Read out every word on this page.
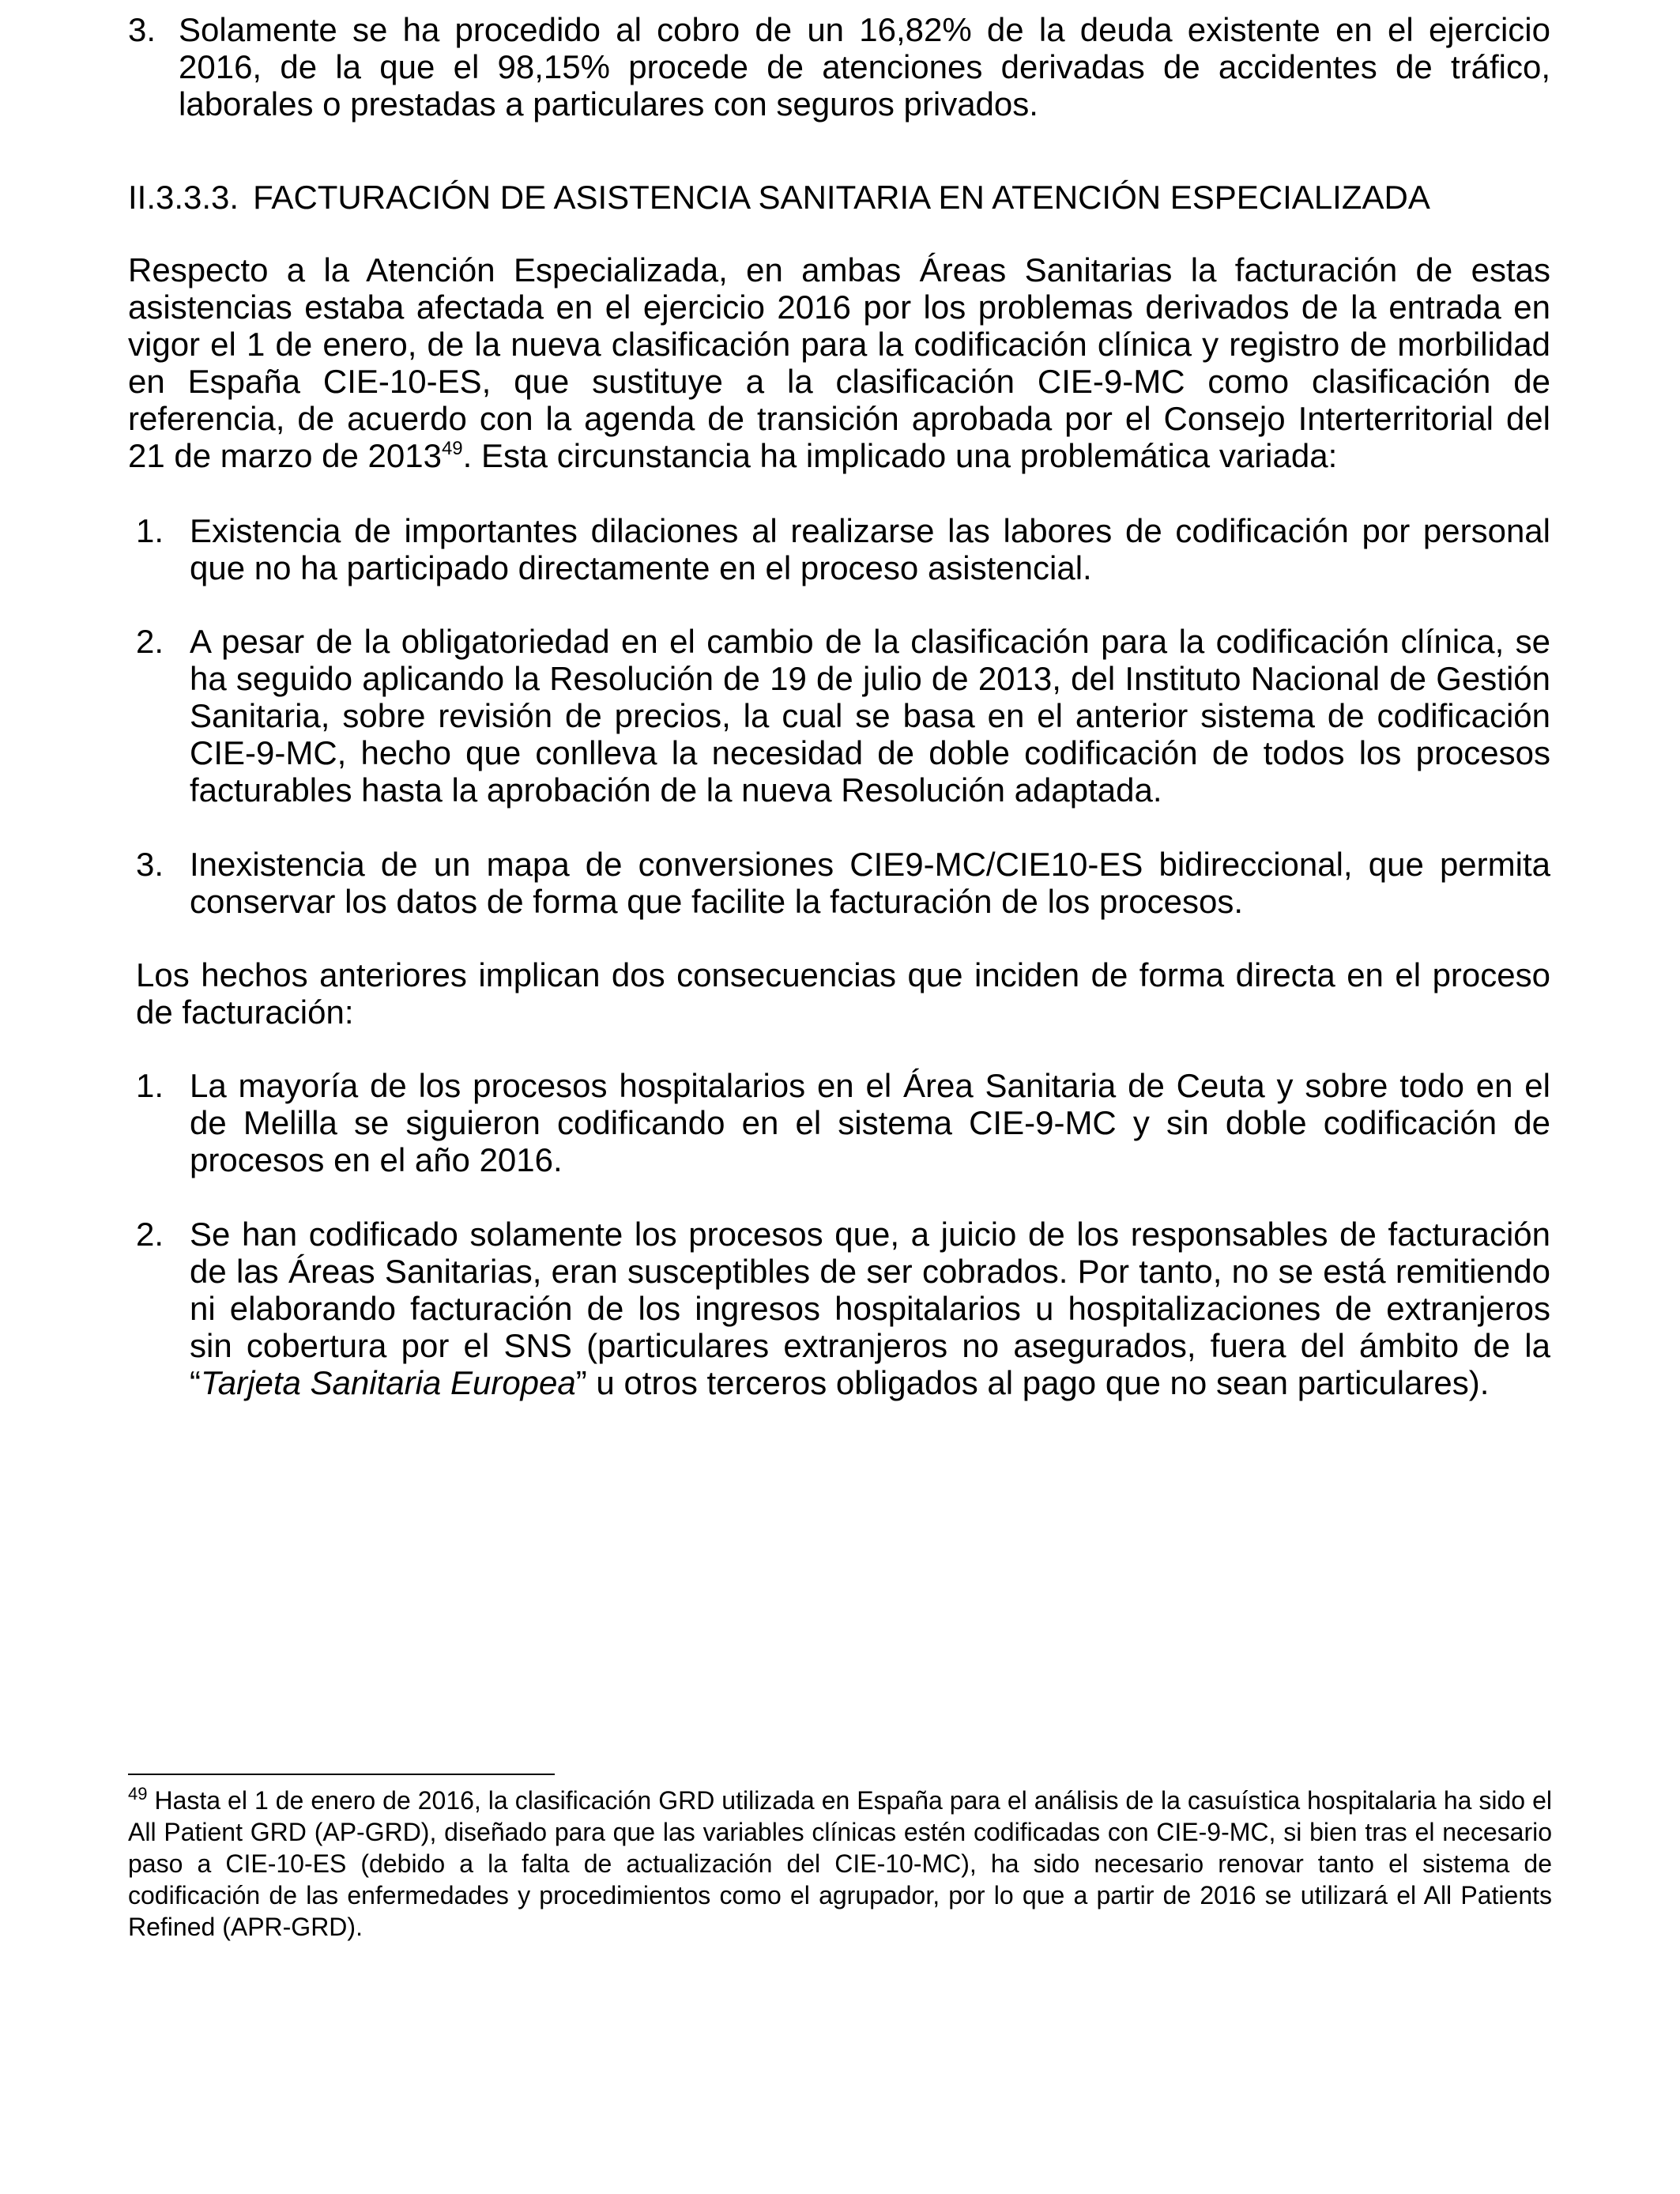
3. Solamente se ha procedido al cobro de un 16,82% de la deuda existente en el ejercicio 2016, de la que el 98,15% procede de atenciones derivadas de accidentes de tráfico, laborales o prestadas a particulares con seguros privados.
II.3.3.3. FACTURACIÓN DE ASISTENCIA SANITARIA EN ATENCIÓN ESPECIALIZADA
Respecto a la Atención Especializada, en ambas Áreas Sanitarias la facturación de estas asistencias estaba afectada en el ejercicio 2016 por los problemas derivados de la entrada en vigor el 1 de enero, de la nueva clasificación para la codificación clínica y registro de morbilidad en España CIE-10-ES, que sustituye a la clasificación CIE-9-MC como clasificación de referencia, de acuerdo con la agenda de transición aprobada por el Consejo Interterritorial del 21 de marzo de 2013$^{49}$. Esta circunstancia ha implicado una problemática variada:
1. Existencia de importantes dilaciones al realizarse las labores de codificación por personal que no ha participado directamente en el proceso asistencial.
2. A pesar de la obligatoriedad en el cambio de la clasificación para la codificación clínica, se ha seguido aplicando la Resolución de 19 de julio de 2013, del Instituto Nacional de Gestión Sanitaria, sobre revisión de precios, la cual se basa en el anterior sistema de codificación CIE-9-MC, hecho que conlleva la necesidad de doble codificación de todos los procesos facturables hasta la aprobación de la nueva Resolución adaptada.
3. Inexistencia de un mapa de conversiones CIE9-MC/CIE10-ES bidireccional, que permita conservar los datos de forma que facilite la facturación de los procesos.
Los hechos anteriores implican dos consecuencias que inciden de forma directa en el proceso de facturación:
1. La mayoría de los procesos hospitalarios en el Área Sanitaria de Ceuta y sobre todo en el de Melilla se siguieron codificando en el sistema CIE-9-MC y sin doble codificación de procesos en el año 2016.
2. Se han codificado solamente los procesos que, a juicio de los responsables de facturación de las Áreas Sanitarias, eran susceptibles de ser cobrados. Por tanto, no se está remitiendo ni elaborando facturación de los ingresos hospitalarios u hospitalizaciones de extranjeros sin cobertura por el SNS (particulares extranjeros no asegurados, fuera del ámbito de la “Tarjeta Sanitaria Europea” u otros terceros obligados al pago que no sean particulares).
$^{49}$ Hasta el 1 de enero de 2016, la clasificación GRD utilizada en España para el análisis de la casuística hospitalaria ha sido el All Patient GRD (AP-GRD), diseñado para que las variables clínicas estén codificadas con CIE-9-MC, si bien tras el necesario paso a CIE-10-ES (debido a la falta de actualización del CIE-10-MC), ha sido necesario renovar tanto el sistema de codificación de las enfermedades y procedimientos como el agrupador, por lo que a partir de 2016 se utilizará el All Patients Refined (APR-GRD).
